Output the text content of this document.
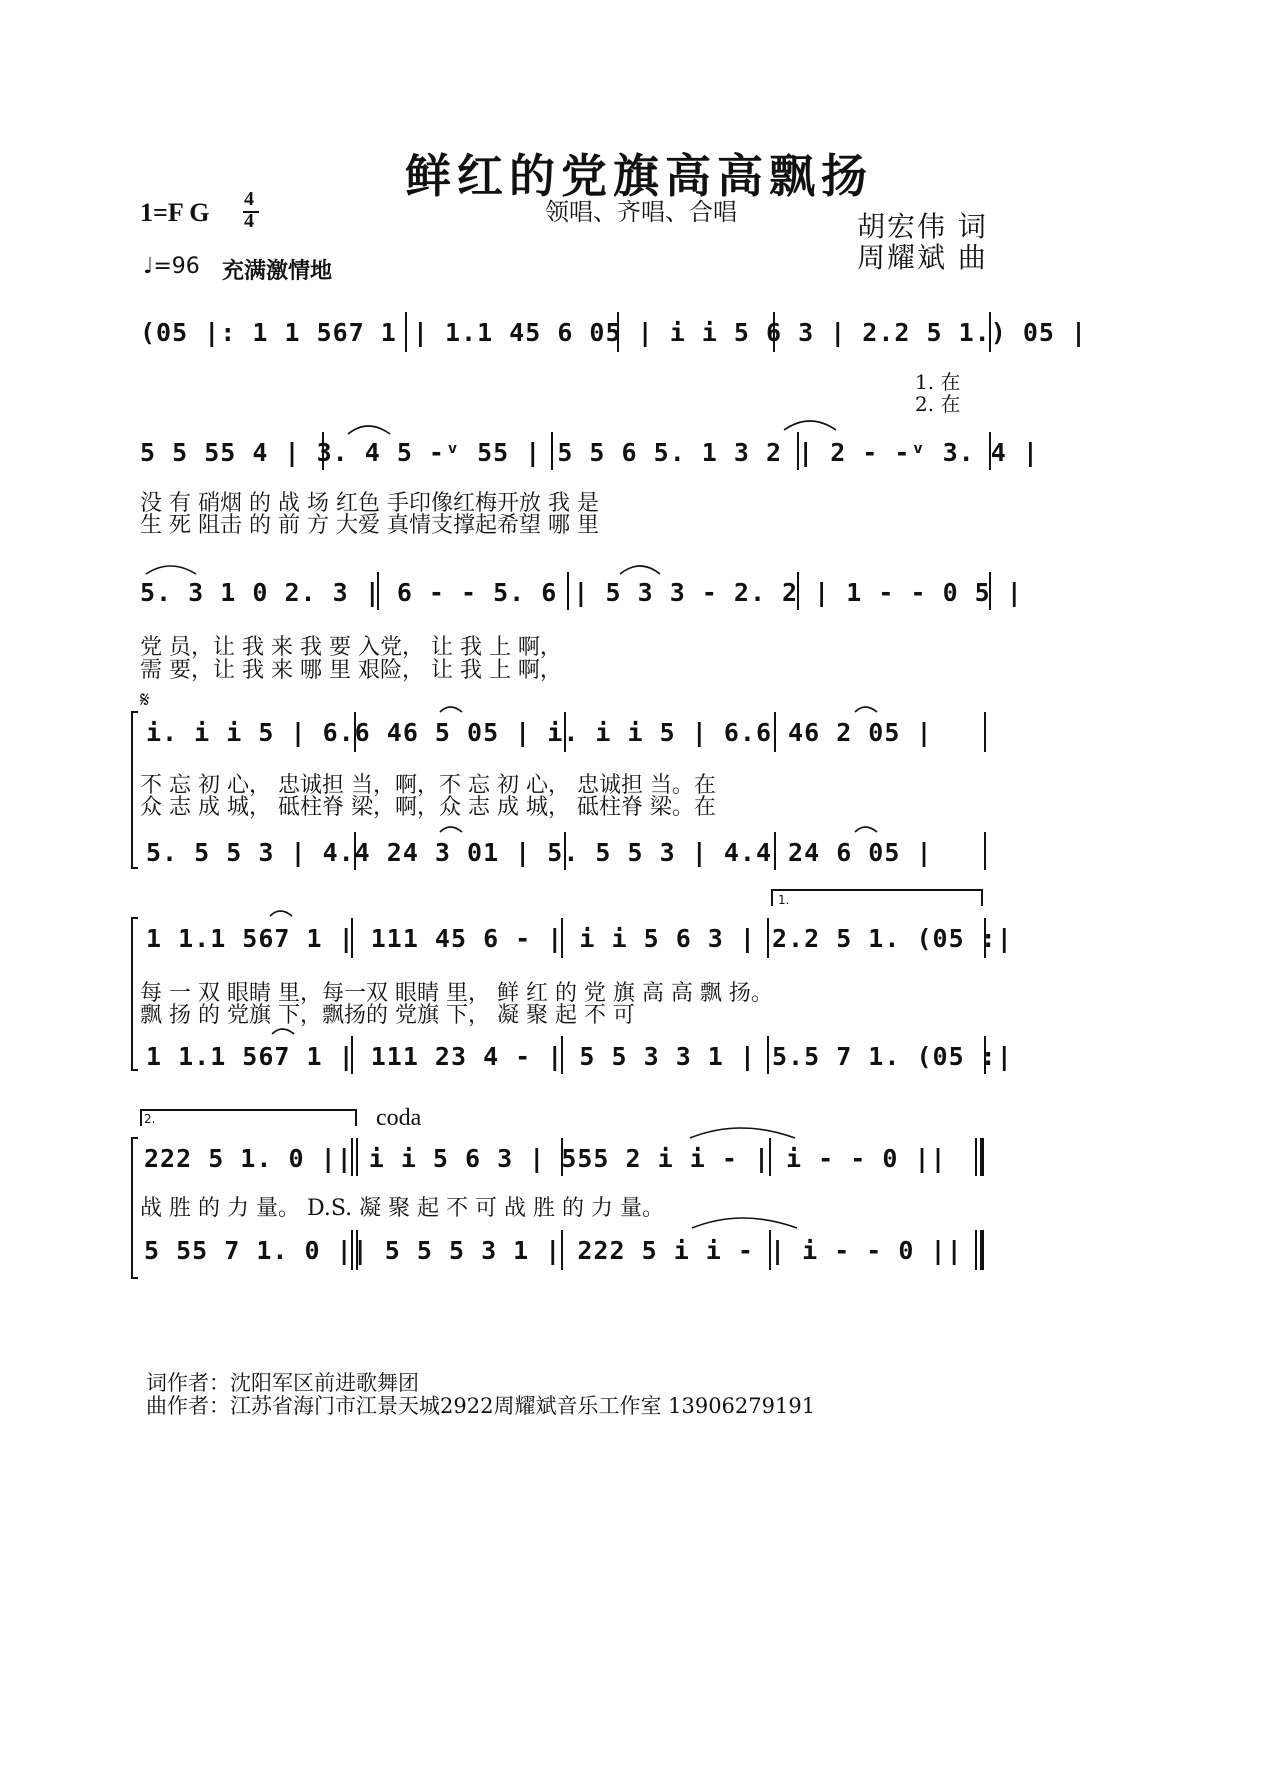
鲜红的党旗高高飘扬
1=F G 4
4	领唱、齐唱、合唱	胡宏伟 词
周耀斌 曲
♩=96 充满激情地
(05 |: 1 1 567 1 | 1.1 45 6 05 | i i 5 6 3 | 2.2 5 1.) 05 |
1. 在
2. 在
5 5 55 4 | 3. 4 5 -ᵛ 55 | 5 5 6 5. 1 3 2 | 2 - -ᵛ 3. 4 |
没 有 硝烟 的 战 场 红色 手印像红梅开放 我 是
生 死 阻击 的 前 方 大爱 真情支撑起希望 哪 里
5. 3 1 0 2. 3 | 6 - - 5. 6 | 5 3 3 - 2. 2 | 1 - - 0 5 |
党 员，让 我 来 我 要 入党， 让 我 上 啊，
需 要，让 我 来 哪 里 艰险， 让 我 上 啊，
𝄋
i. i i 5 | 6.6 46 5 05 | i. i i 5 | 6.6 46 2 05 |
不 忘 初 心， 忠诚担 当，啊，不 忘 初 心， 忠诚担 当。在
众 志 成 城， 砥柱脊 梁，啊，众 志 成 城， 砥柱脊 梁。在
5. 5 5 3 | 4.4 24 3 01 | 5. 5 5 3 | 4.4 24 6 05 |
1.
1 1.1 567 1 | 111 45 6 - | i i 5 6 3 | 2.2 5 1. (05 :|
每 一 双 眼睛 里，每一双 眼睛 里， 鲜 红 的 党 旗 高 高 飘 扬。
飘 扬 的 党旗 下，飘扬的 党旗 下， 凝 聚 起 不 可
1 1.1 567 1 | 111 23 4 - | 5 5 3 3 1 | 5.5 7 1. (05 :|
2.	coda
222 5 1. 0 || i i 5 6 3 | 555 2 i i - | i - - 0 ||
战 胜 的 力 量。 D.S. 凝 聚 起 不 可 战 胜 的 力 量。
5 55 7 1. 0 || 5 5 5 3 1 | 222 5 i i - | i - - 0 ||
词作者：沈阳军区前进歌舞团
曲作者：江苏省海门市江景天城2922周耀斌音乐工作室 13906279191
